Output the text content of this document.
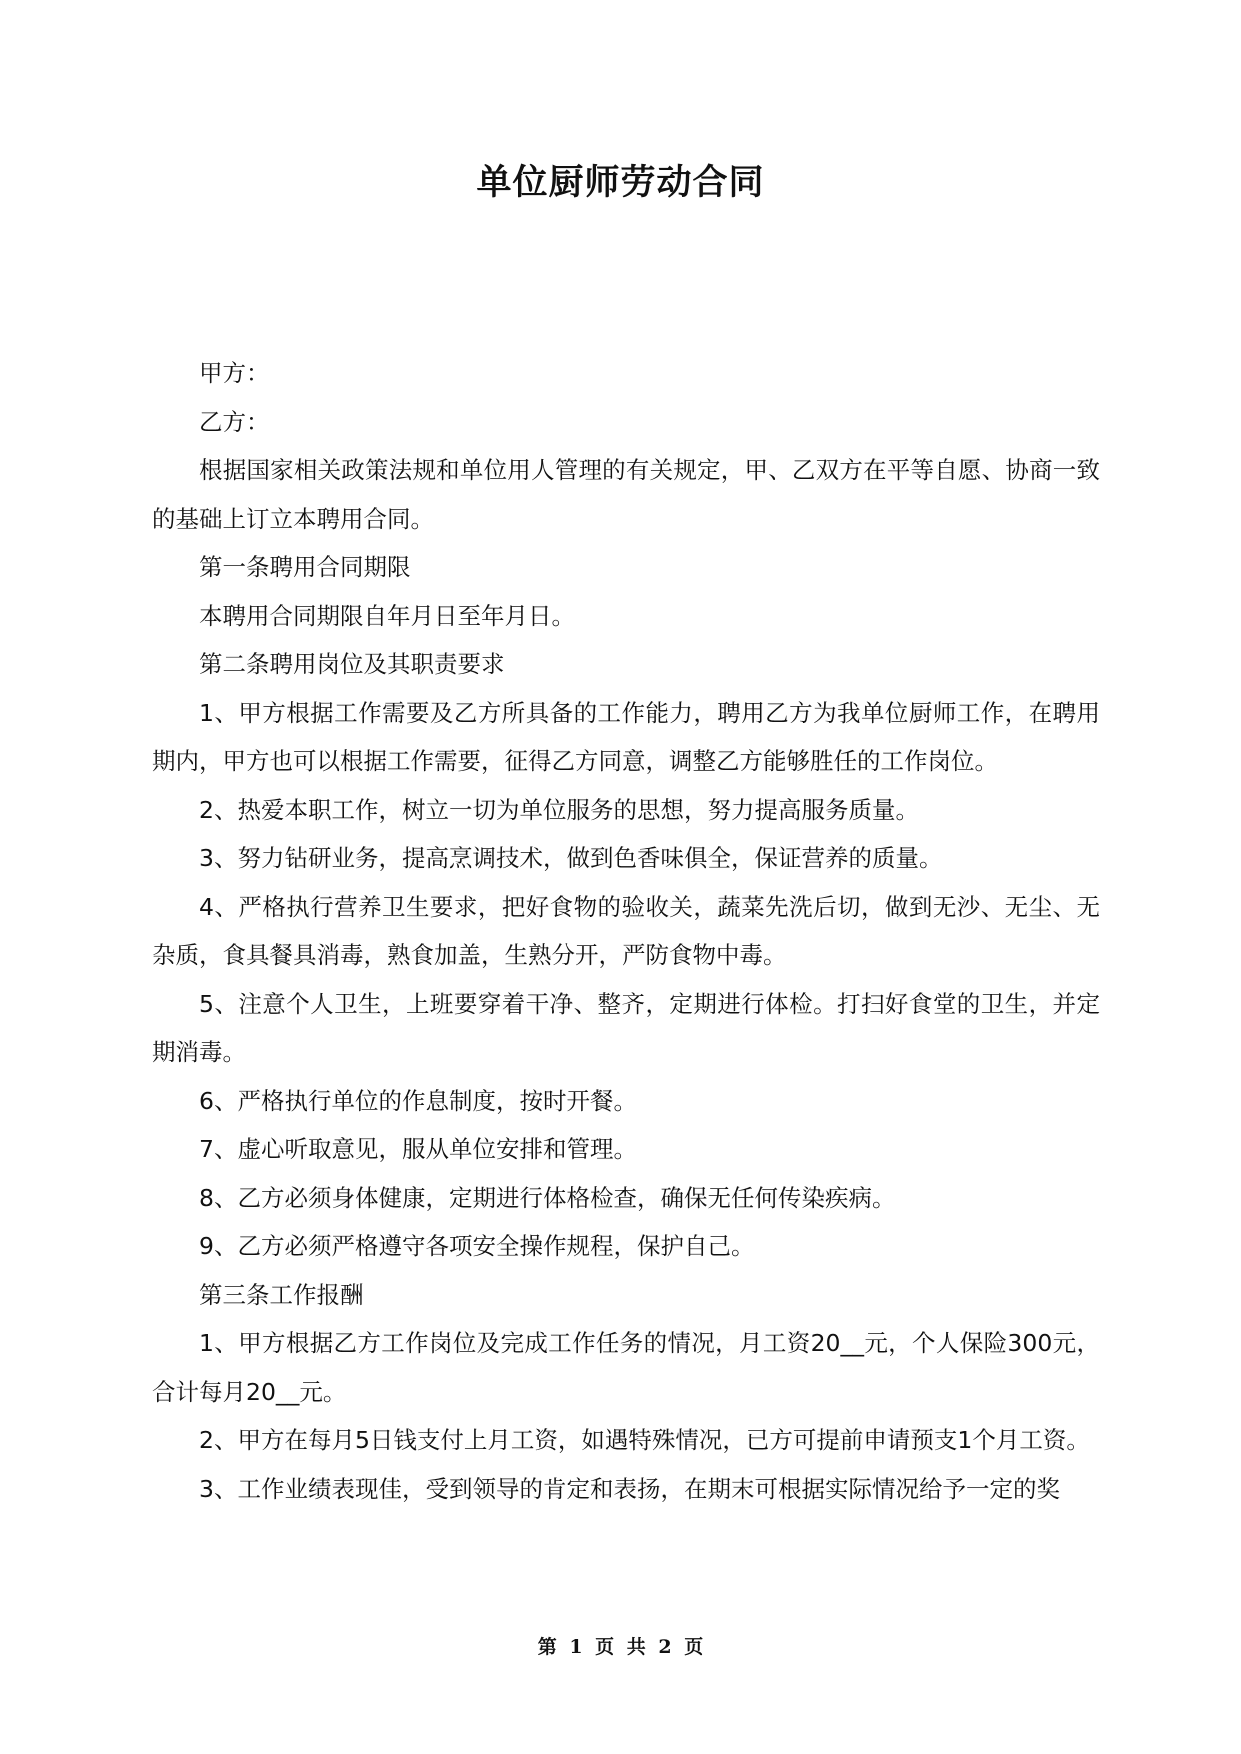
单位厨师劳动合同

甲方：

乙方：

根据国家相关政策法规和单位用人管理的有关规定，甲、乙双方在平等自愿、协商一致的基础上订立本聘用合同。

第一条聘用合同期限

本聘用合同期限自年月日至年月日。

第二条聘用岗位及其职责要求

1、甲方根据工作需要及乙方所具备的工作能力，聘用乙方为我单位厨师工作，在聘用期内，甲方也可以根据工作需要，征得乙方同意，调整乙方能够胜任的工作岗位。

2、热爱本职工作，树立一切为单位服务的思想，努力提高服务质量。

3、努力钻研业务，提高烹调技术，做到色香味俱全，保证营养的质量。

4、严格执行营养卫生要求，把好食物的验收关，蔬菜先洗后切，做到无沙、无尘、无杂质，食具餐具消毒，熟食加盖，生熟分开，严防食物中毒。

5、注意个人卫生，上班要穿着干净、整齐，定期进行体检。打扫好食堂的卫生，并定期消毒。

6、严格执行单位的作息制度，按时开餐。

7、虚心听取意见，服从单位安排和管理。

8、乙方必须身体健康，定期进行体格检查，确保无任何传染疾病。

9、乙方必须严格遵守各项安全操作规程，保护自己。

第三条工作报酬

1、甲方根据乙方工作岗位及完成工作任务的情况，月工资20__元，个人保险300元，合计每月20__元。

2、甲方在每月5日钱支付上月工资，如遇特殊情况，已方可提前申请预支1个月工资。

3、工作业绩表现佳，受到领导的肯定和表扬，在期末可根据实际情况给予一定的奖

第 1 页 共 2 页
